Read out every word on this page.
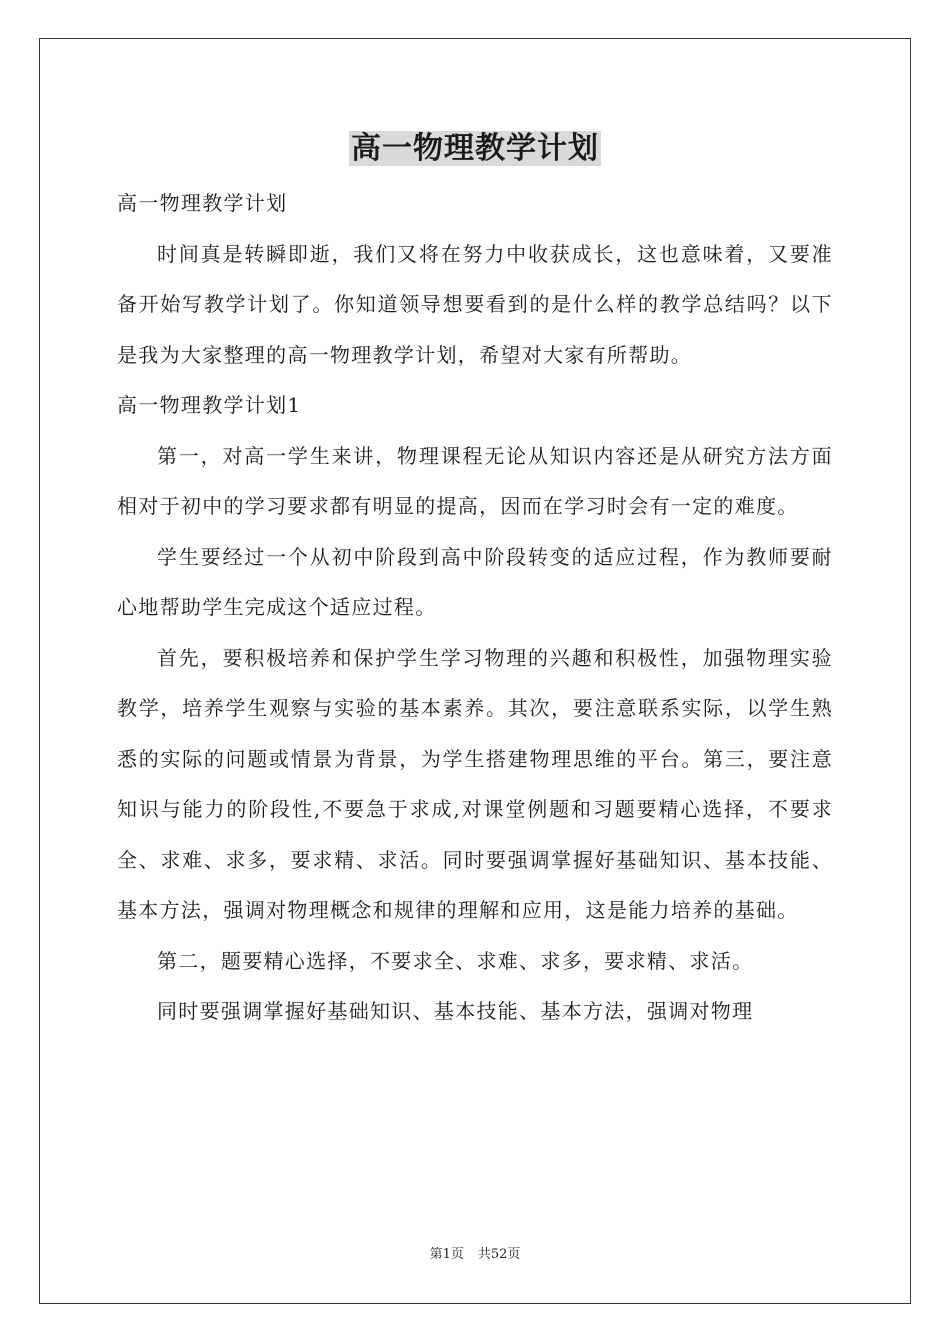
高一物理教学计划

高一物理教学计划

时间真是转瞬即逝，我们又将在努力中收获成长，这也意味着，又要准备开始写教学计划了。你知道领导想要看到的是什么样的教学总结吗？以下是我为大家整理的高一物理教学计划，希望对大家有所帮助。

高一物理教学计划1

第一，对高一学生来讲，物理课程无论从知识内容还是从研究方法方面相对于初中的学习要求都有明显的提高，因而在学习时会有一定的难度。

学生要经过一个从初中阶段到高中阶段转变的适应过程，作为教师要耐心地帮助学生完成这个适应过程。

首先，要积极培养和保护学生学习物理的兴趣和积极性，加强物理实验教学，培养学生观察与实验的基本素养。其次，要注意联系实际，以学生熟悉的实际的问题或情景为背景，为学生搭建物理思维的平台。第三，要注意知识与能力的阶段性,不要急于求成,对课堂例题和习题要精心选择，不要求全、求难、求多，要求精、求活。同时要强调掌握好基础知识、基本技能、基本方法，强调对物理概念和规律的理解和应用，这是能力培养的基础。

第二，题要精心选择，不要求全、求难、求多，要求精、求活。

同时要强调掌握好基础知识、基本技能、基本方法，强调对物理

第1页 共52页
